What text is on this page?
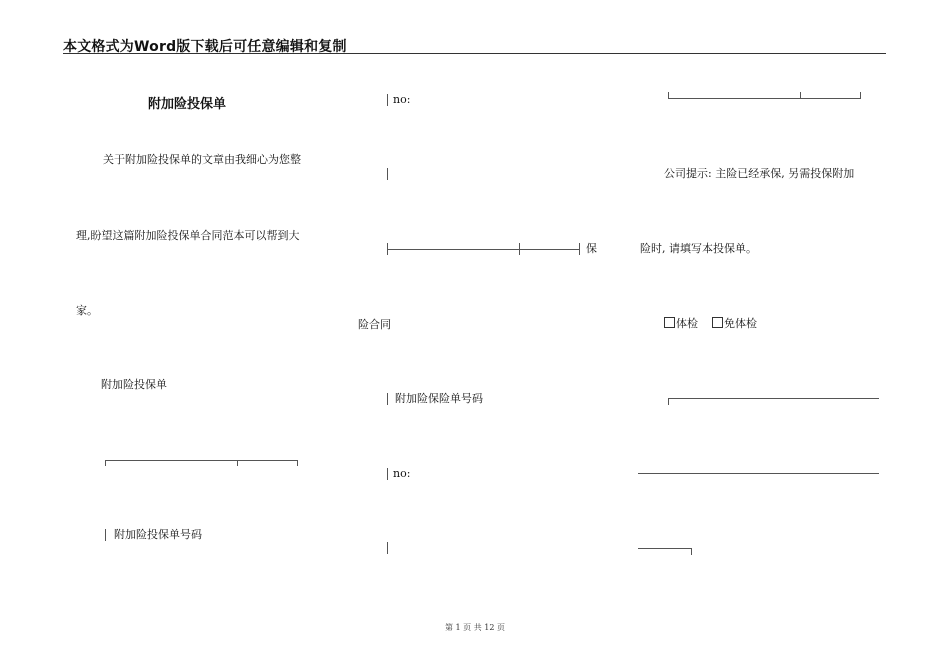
本文格式为Word版下载后可任意编辑和复制
附加险投保单
关于附加险投保单的文章由我细心为您整
理,盼望这篇附加险投保单合同范本可以帮到大
家。
附加险投保单
附加险投保单号码
no:
保
险合同
附加险保险单号码
no:
公司提示: 主险已经承保, 另需投保附加
险时, 请填写本投保单。
体检	免体检
第 1 页 共 12 页
